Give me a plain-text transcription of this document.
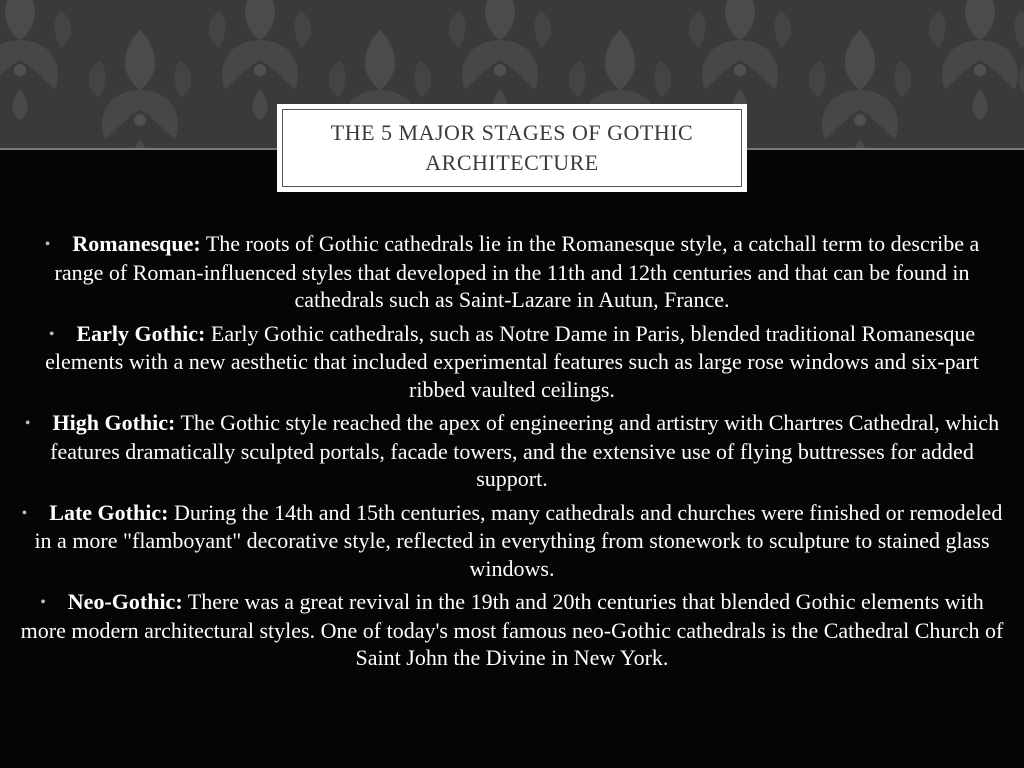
THE 5 MAJOR STAGES OF GOTHIC ARCHITECTURE
• Romanesque: The roots of Gothic cathedrals lie in the Romanesque style, a catchall term to describe a range of Roman-influenced styles that developed in the 11th and 12th centuries and that can be found in cathedrals such as Saint-Lazare in Autun, France.
• Early Gothic: Early Gothic cathedrals, such as Notre Dame in Paris, blended traditional Romanesque elements with a new aesthetic that included experimental features such as large rose windows and six-part ribbed vaulted ceilings.
• High Gothic: The Gothic style reached the apex of engineering and artistry with Chartres Cathedral, which features dramatically sculpted portals, facade towers, and the extensive use of flying buttresses for added support.
• Late Gothic: During the 14th and 15th centuries, many cathedrals and churches were finished or remodeled in a more "flamboyant" decorative style, reflected in everything from stonework to sculpture to stained glass windows.
• Neo-Gothic: There was a great revival in the 19th and 20th centuries that blended Gothic elements with more modern architectural styles. One of today's most famous neo-Gothic cathedrals is the Cathedral Church of Saint John the Divine in New York.
